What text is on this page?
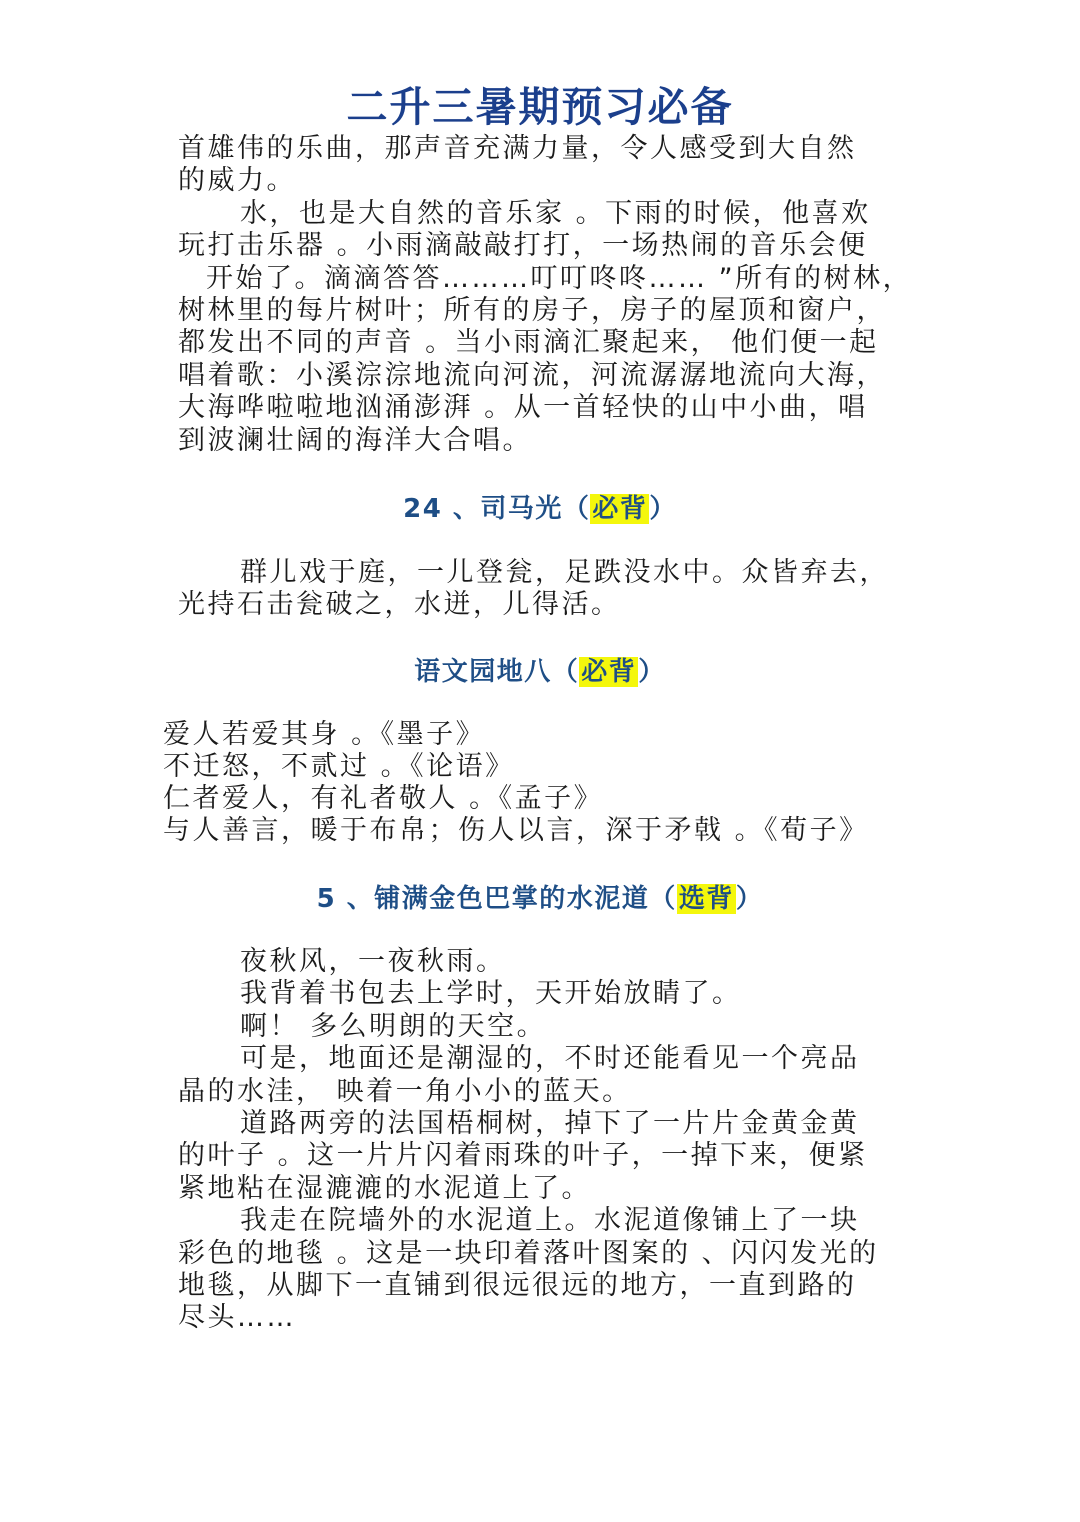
二升三暑期预习必备
首雄伟的乐曲，那声音充满力量，令人感受到大自然
的威力。
水，也是大自然的音乐家 。下雨的时候，他喜欢
玩打击乐器 。小雨滴敲敲打打，一场热闹的音乐会便
开始了。滴滴答答………叮叮咚咚…… ”所有的树林，
树林里的每片树叶；所有的房子，房子的屋顶和窗户，
都发出不同的声音 。当小雨滴汇聚起来， 他们便一起
唱着歌：小溪淙淙地流向河流，河流潺潺地流向大海，
大海哗啦啦地汹涌澎湃 。从一首轻快的山中小曲，唱
到波澜壮阔的海洋大合唱。
24 、司马光（必背）
群儿戏于庭，一儿登瓮，足跌没水中。众皆弃去，
光持石击瓮破之，水迸，儿得活。
语文园地八（必背）
爱人若爱其身 。《墨子》
不迁怒，不贰过 。《论语》
仁者爱人，有礼者敬人 。《孟子》
与人善言，暖于布帛；伤人以言，深于矛戟 。《荀子》
5 、铺满金色巴掌的水泥道（选背）
夜秋风，一夜秋雨。
我背着书包去上学时，天开始放睛了。
啊！ 多么明朗的天空。
可是，地面还是潮湿的，不时还能看见一个亮品
晶的水洼， 映着一角小小的蓝天。
道路两旁的法国梧桐树，掉下了一片片金黄金黄
的叶子 。这一片片闪着雨珠的叶子，一掉下来，便紧
紧地粘在湿漉漉的水泥道上了。
我走在院墙外的水泥道上。水泥道像铺上了一块
彩色的地毯 。这是一块印着落叶图案的 、闪闪发光的
地毯，从脚下一直铺到很远很远的地方，一直到路的
尽头……
